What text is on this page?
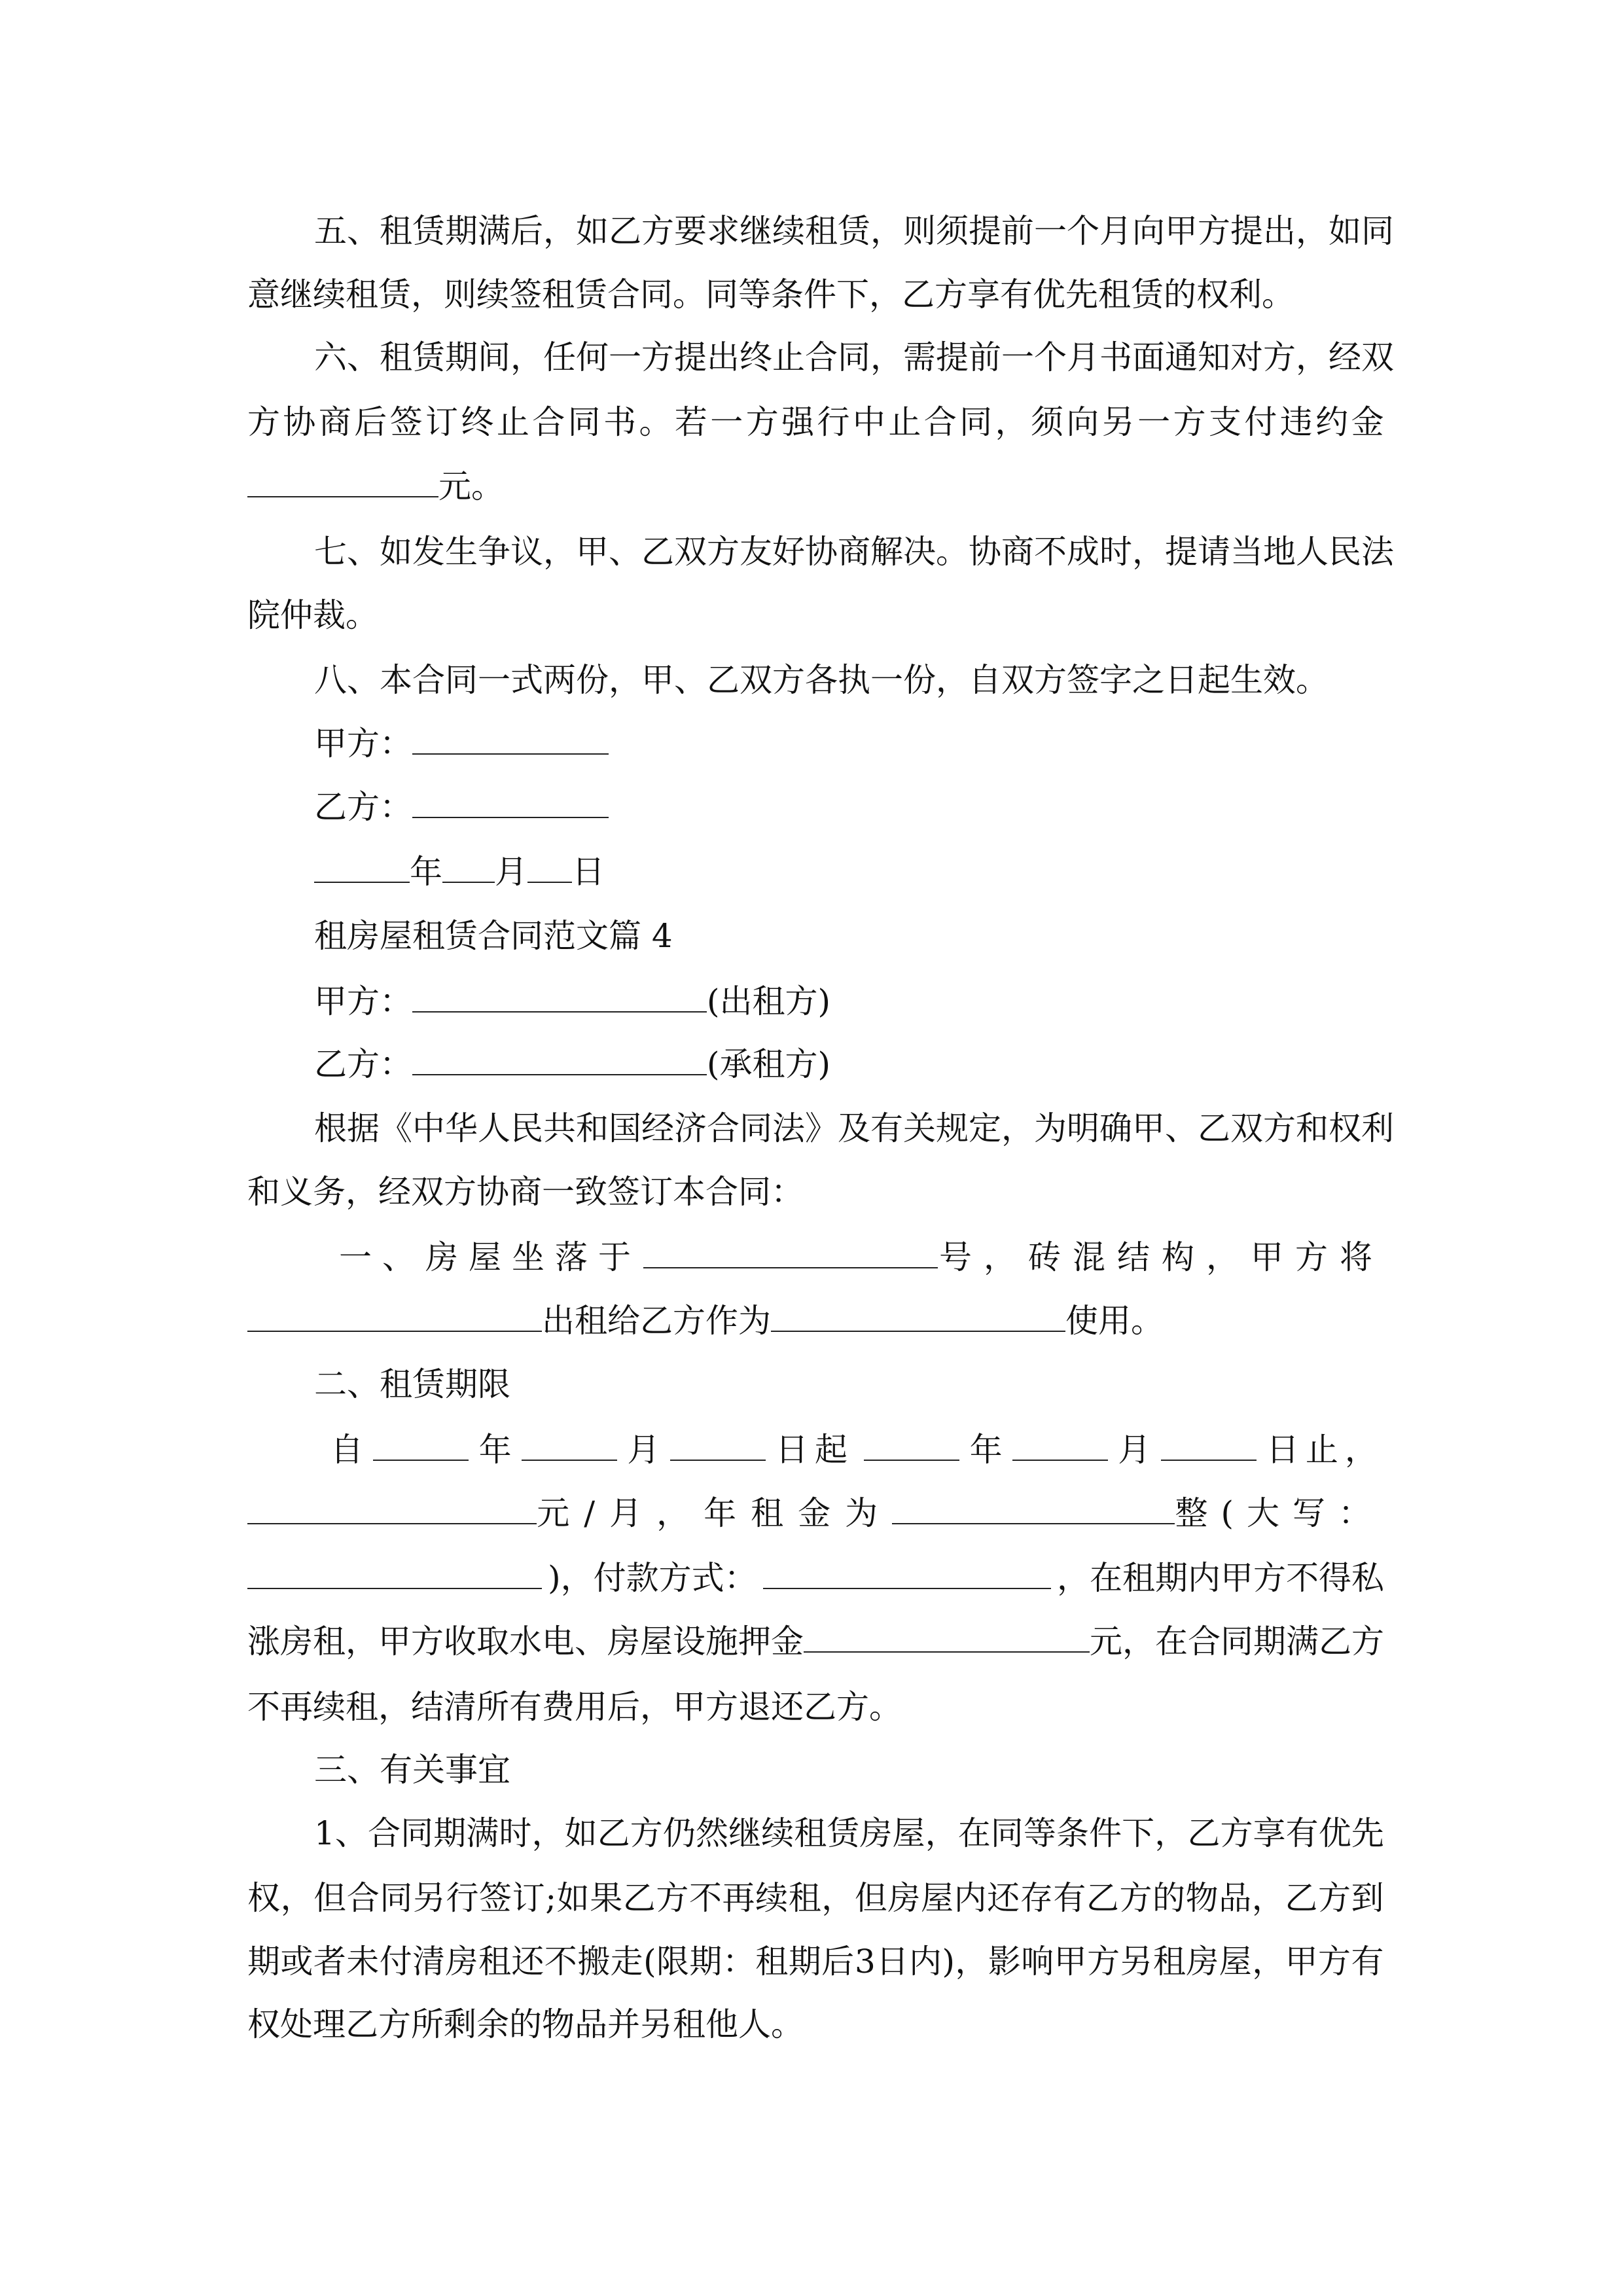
五 、 租 赁 期 满 后 ， 如 乙 方 要 求 继 续 租 赁 ， 则 须 提 前 一 个 月 向 甲 方 提 出 ， 如 同
意继续租赁，则续签租赁合同。同等条件下，乙方享有优先租赁的权利。
六 、 租 赁 期 间 ， 任 何 一 方 提 出 终 止 合 同 ， 需 提 前 一 个 月 书 面 通 知 对 方 ， 经 双
方 协 商 后 签 订 终 止 合 同 书 。 若 一 方 强 行 中 止 合 同 ， 须 向 另 一 方 支 付 违 约 金
元。
七 、 如 发 生 争 议 ， 甲 、 乙 双 方 友 好 协 商 解 决 。 协 商 不 成 时 ， 提 请 当 地 人 民 法
院仲裁。
八、本合同一式两份，甲、乙双方各执一份，自双方签字之日起生效。
甲方：
乙方：
年 月 日
租房屋租赁合同范文篇 4
甲方：	(出租方)
乙方：	(承租方)
根 据 《 中 华 人 民 共 和 国 经 济 合 同 法 》 及 有 关 规 定 ， 为 明 确 甲 、 乙 双 方 和 权 利
和义务，经双方协商一致签订本合同：
一、房屋坐落于	号，砖混结构，甲方将
出租给乙方作为	使用。
二、租赁期限
自	年	月	日起	年	月	日止，
元/月，年租金为	整(大写：
)，付款方式：	，在租期内甲方不得私
涨房租，甲方收取水电、房屋设施押金	元，在合同期满乙方
不再续租，结清所有费用后，甲方退还乙方。
三、有关事宜
1 、 合 同 期 满 时 ， 如 乙 方 仍 然 继 续 租 赁 房 屋 ， 在 同 等 条 件 下 ， 乙 方 享 有 优 先
权 ， 但 合 同 另 行 签 订 ; 如 果 乙 方 不 再 续 租 ， 但 房 屋 内 还 存 有 乙 方 的 物 品 ， 乙 方 到
期 或 者 未 付 清 房 租 还 不 搬 走 ( 限 期 ： 租 期 后 3 日 内 ) ， 影 响 甲 方 另 租 房 屋 ， 甲 方 有
权处理乙方所剩余的物品并另租他人。
